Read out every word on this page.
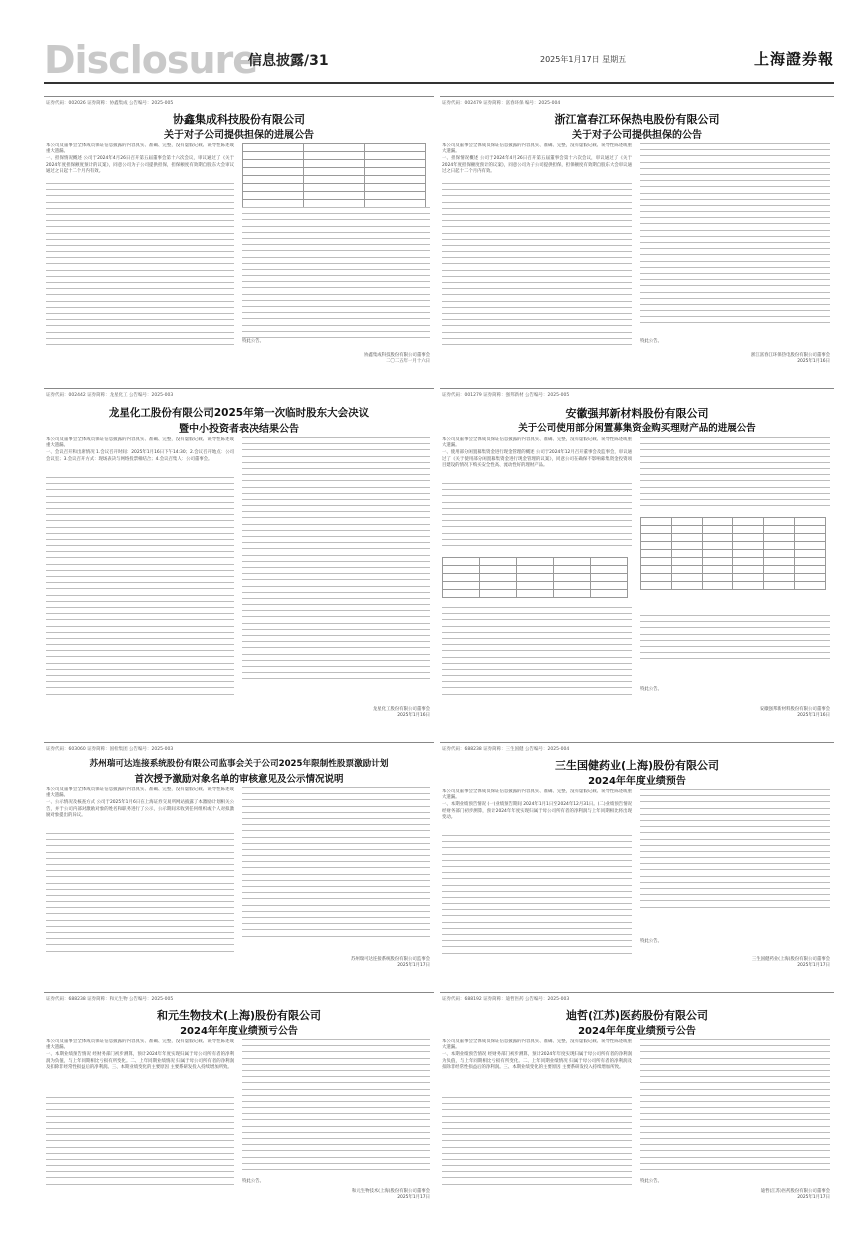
Disclosure
信息披露/31	2025年1月17日 星期五	上海證券報
证券代码：002026 证券简称：协鑫集成 公告编号：2025-005
协鑫集成科技股份有限公司
关于对子公司提供担保的进展公告
本公司及董事会全体成员保证信息披露的内容真实、准确、完整，没有虚假记载、误导性陈述或重大遗漏。
一、担保情况概述 公司于2024年4月26日召开第五届董事会第十六次会议，审议通过了《关于2024年度担保额度预计的议案》，同意公司为子公司提供担保，担保额度有效期自股东大会审议通过之日起十二个月内有效。

特此公告。
协鑫集成科技股份有限公司董事会
二〇二五年一月十六日
证券代码：002479 证券简称：富春环保 编号：2025-004
浙江富春江环保热电股份有限公司
关于对子公司提供担保的公告
本公司及董事会全体成员保证信息披露的内容真实、准确、完整，没有虚假记载、误导性陈述或重大遗漏。
一、担保情况概述 公司于2024年4月26日召开第五届董事会第十六次会议，审议通过了《关于2024年度担保额度预计的议案》，同意公司为子公司提供担保，担保额度有效期自股东大会审议通过之日起十二个月内有效。
特此公告。
浙江富春江环保热电股份有限公司董事会
2025年1月16日
证券代码：002442 证券简称：龙星化工 公告编号：2025-003
龙星化工股份有限公司2025年第一次临时股东大会决议
暨中小投资者表决结果公告
本公司及董事会全体成员保证信息披露的内容真实、准确、完整，没有虚假记载、误导性陈述或重大遗漏。
一、会议召开和出席情况 1.会议召开时间：2025年1月16日下午14:30；2.会议召开地点：公司会议室；3.会议召开方式：现场表决与网络投票相结合；4.会议召集人：公司董事会。
龙星化工股份有限公司董事会
2025年1月16日
证券代码：001279 证券简称：强邦新材 公告编号：2025-005
安徽强邦新材料股份有限公司
关于公司使用部分闲置募集资金购买理财产品的进展公告
本公司及董事会全体成员保证信息披露的内容真实、准确、完整，没有虚假记载、误导性陈述或重大遗漏。
一、使用部分闲置募集资金进行现金管理的概述 公司于2024年12月召开董事会及监事会，审议通过了《关于使用部分闲置募集资金进行现金管理的议案》，同意公司在确保不影响募集资金投资项目建设的情况下购买安全性高、流动性好的理财产品。

特此公告。
安徽强邦新材料股份有限公司董事会
2025年1月16日
证券代码：603060 证券简称：国检集团 公告编号：2025-003
苏州瑞可达连接系统股份有限公司监事会关于公司2025年限制性股票激励计划
首次授予激励对象名单的审核意见及公示情况说明
本公司及董事会全体成员保证信息披露的内容真实、准确、完整，没有虚假记载、误导性陈述或重大遗漏。
一、公示情况及核查方式 公司于2025年1月6日在上海证券交易所网站披露了本激励计划相关公告，并于公司内部对激励对象的姓名和职务进行了公示，公示期间未收到任何组织或个人对拟激励对象提出的异议。
苏州瑞可达连接系统股份有限公司监事会
2025年1月17日
证券代码：688238 证券简称：三生国健 公告编号：2025-004
三生国健药业(上海)股份有限公司
2024年年度业绩预告
本公司及董事会全体成员保证信息披露的内容真实、准确、完整，没有虚假记载、误导性陈述或重大遗漏。
一、本期业绩预告情况 (一)业绩预告期间 2024年1月1日至2024年12月31日。(二)业绩预告情况 经财务部门初步测算，预计2024年年度实现归属于母公司所有者的净利润与上年同期相比将出现变动。
特此公告。
三生国健药业(上海)股份有限公司董事会
2025年1月17日
证券代码：688238 证券简称：和元生物 公告编号：2025-005
和元生物技术(上海)股份有限公司
2024年年度业绩预亏公告
本公司及董事会全体成员保证信息披露的内容真实、准确、完整，没有虚假记载、误导性陈述或重大遗漏。
一、本期业绩预告情况 经财务部门初步测算，预计2024年年度实现归属于母公司所有者的净利润为负值，与上年同期相比亏损有所变化。二、上年同期业绩情况 归属于母公司所有者的净利润及扣除非经常性损益后的净利润。三、本期业绩变化的主要原因 主要系研发投入持续增加所致。
特此公告。
和元生物技术(上海)股份有限公司董事会
2025年1月17日
证券代码：688192 证券简称：迪哲医药 公告编号：2025-003
迪哲(江苏)医药股份有限公司
2024年年度业绩预亏公告
本公司及董事会全体成员保证信息披露的内容真实、准确、完整，没有虚假记载、误导性陈述或重大遗漏。
一、本期业绩预告情况 经财务部门初步测算，预计2024年年度实现归属于母公司所有者的净利润为负值，与上年同期相比亏损有所变化。二、上年同期业绩情况 归属于母公司所有者的净利润及扣除非经常性损益后的净利润。三、本期业绩变化的主要原因 主要系研发投入持续增加所致。
特此公告。
迪哲(江苏)医药股份有限公司董事会
2025年1月17日
